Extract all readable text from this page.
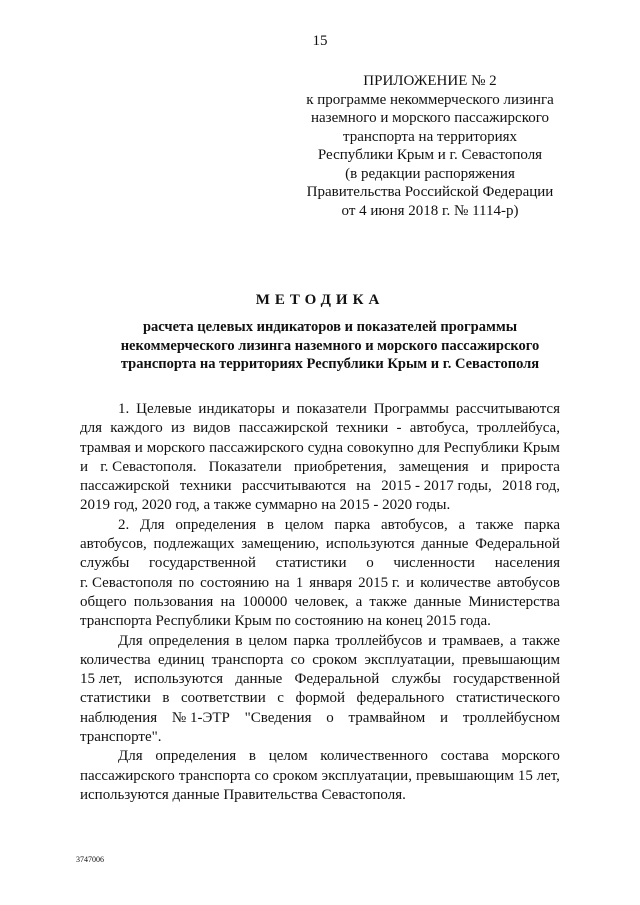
15
ПРИЛОЖЕНИЕ № 2
к программе некоммерческого лизинга
наземного и морского пассажирского
транспорта на территориях
Республики Крым и г. Севастополя
(в редакции распоряжения
Правительства Российской Федерации
от 4 июня 2018 г. № 1114-р)
МЕТОДИКА
расчета целевых индикаторов и показателей программы
некоммерческого лизинга наземного и морского пассажирского
транспорта на территориях Республики Крым и г. Севастополя
1. Целевые индикаторы и показатели Программы рассчитываются
для каждого из видов пассажирской техники - автобуса, троллейбуса,
трамвая и морского пассажирского судна совокупно для Республики Крым
и г. Севастополя. Показатели приобретения, замещения и прироста
пассажирской техники рассчитываются на 2015 - 2017 годы, 2018 год,
2019 год, 2020 год, а также суммарно на 2015 - 2020 годы.
2. Для определения в целом парка автобусов, а также парка
автобусов, подлежащих замещению, используются данные Федеральной
службы государственной статистики о численности населения
г. Севастополя по состоянию на 1 января 2015 г. и количестве автобусов
общего пользования на 100000 человек, а также данные Министерства
транспорта Республики Крым по состоянию на конец 2015 года.
Для определения в целом парка троллейбусов и трамваев, а также
количества единиц транспорта со сроком эксплуатации, превышающим
15 лет, используются данные Федеральной службы государственной
статистики в соответствии с формой федерального статистического
наблюдения № 1-ЭТР "Сведения о трамвайном и троллейбусном
транспорте".
Для определения в целом количественного состава морского
пассажирского транспорта со сроком эксплуатации, превышающим 15 лет,
используются данные Правительства Севастополя.
3747006
